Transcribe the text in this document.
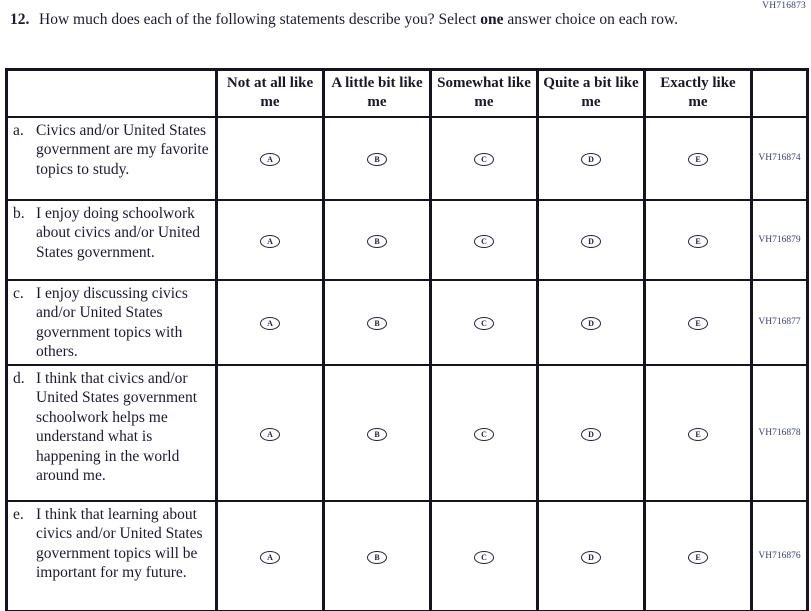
VH716873
12. How much does each of the following statements describe you? Select one answer choice on each row.
	Not at all like me	A little bit like me	Somewhat like me	Quite a bit like me	Exactly like me	

a. Civics and/or United States government are my favorite topics to study.	A	B	C	D	E	VH716874

b. I enjoy doing schoolwork about civics and/or United States government.	A	B	C	D	E	VH716879

c. I enjoy discussing civics and/or United States government topics with others.	A	B	C	D	E	VH716877

d. I think that civics and/or United States government schoolwork helps me understand what is happening in the world around me.	A	B	C	D	E	VH716878

e. I think that learning about civics and/or United States government topics will be important for my future.	A	B	C	D	E	VH716876
